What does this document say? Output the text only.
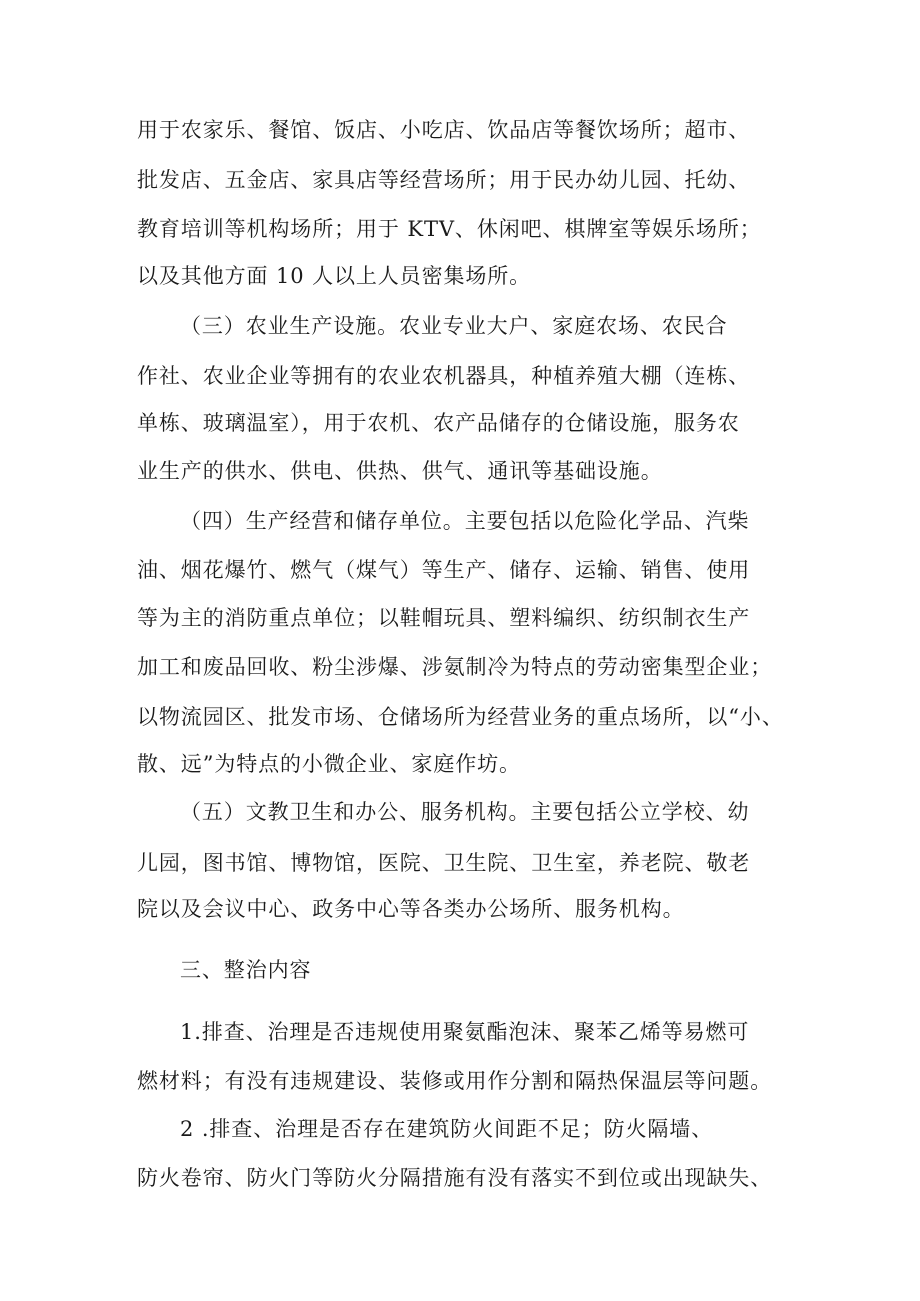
用于农家乐、餐馆、饭店、小吃店、饮品店等餐饮场所；超市、
批发店、五金店、家具店等经营场所；用于民办幼儿园、托幼、
教育培训等机构场所；用于 KTV、休闲吧、棋牌室等娱乐场所；
以及其他方面 10 人以上人员密集场所。
（三）农业生产设施。农业专业大户、家庭农场、农民合
作社、农业企业等拥有的农业农机器具，种植养殖大棚（连栋、
单栋、玻璃温室），用于农机、农产品储存的仓储设施，服务农
业生产的供水、供电、供热、供气、通讯等基础设施。
（四）生产经营和储存单位。主要包括以危险化学品、汽柴
油、烟花爆竹、燃气（煤气）等生产、储存、运输、销售、使用
等为主的消防重点单位；以鞋帽玩具、塑料编织、纺织制衣生产
加工和废品回收、粉尘涉爆、涉氨制冷为特点的劳动密集型企业；
以物流园区、批发市场、仓储场所为经营业务的重点场所，以“小、
散、远”为特点的小微企业、家庭作坊。
（五）文教卫生和办公、服务机构。主要包括公立学校、幼
儿园，图书馆、博物馆，医院、卫生院、卫生室，养老院、敬老
院以及会议中心、政务中心等各类办公场所、服务机构。
三、整治内容
1.排查、治理是否违规使用聚氨酯泡沫、聚苯乙烯等易燃可
燃材料；有没有违规建设、装修或用作分割和隔热保温层等问题。
2 .排查、治理是否存在建筑防火间距不足；防火隔墙、
防火卷帘、防火门等防火分隔措施有没有落实不到位或出现缺失、
